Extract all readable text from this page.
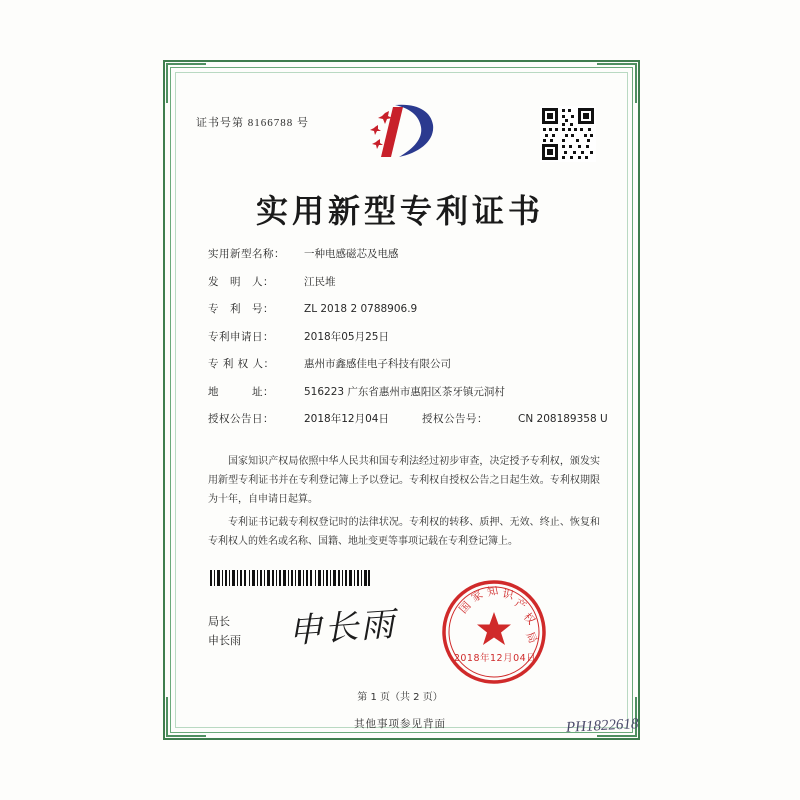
证书号第 8166788 号
实用新型专利证书
实用新型名称：	一种电感磁芯及电感
发　明　人：	江民堆
专　利　号：	ZL 2018 2 0788906.9
专利申请日：	2018年05月25日
专 利 权 人：	惠州市鑫感佳电子科技有限公司
地　　　址：	516223 广东省惠州市惠阳区茶牙镇元洞村
授权公告日：	2018年12月04日	授权公告号：	CN 208189358 U

国家知识产权局依照中华人民共和国专利法经过初步审查，决定授予专利权，颁发实用新型专利证书并在专利登记簿上予以登记。专利权自授权公告之日起生效。专利权期限为十年，自申请日起算。

专利证书记载专利权登记时的法律状况。专利权的转移、质押、无效、终止、恢复和专利权人的姓名或名称、国籍、地址变更等事项记载在专利登记簿上。

局长
申长雨 申长雨	国
家 知 识
产
权
局
2018年12月04日
第 1 页（共 2 页）
其他事项参见背面	PH1822618
